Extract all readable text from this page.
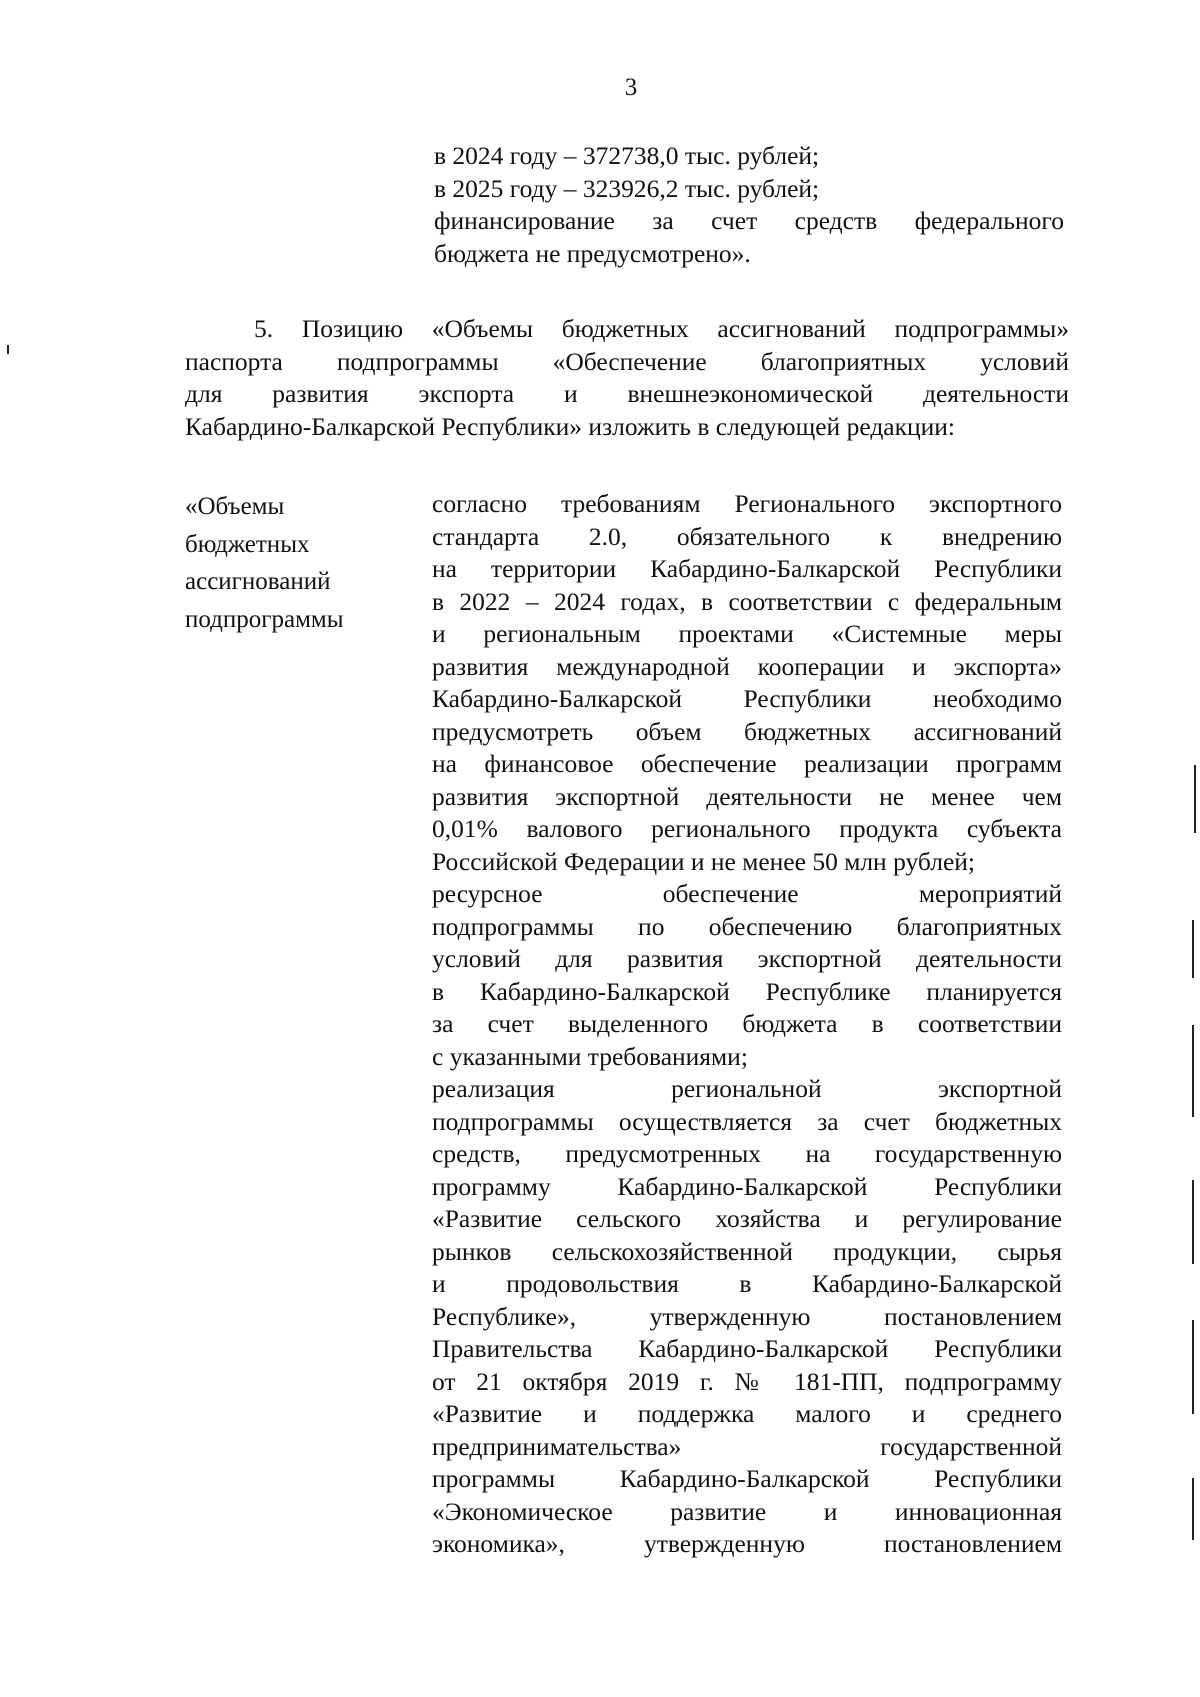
3
в 2024 году – 372738,0 тыс. рублей;
в 2025 году – 323926,2 тыс. рублей;
финансирование за счет средств федерального
бюджета не предусмотрено».
5. Позицию «Объемы бюджетных ассигнований подпрограммы»
паспорта подпрограммы «Обеспечение благоприятных условий
для развития экспорта и внешнеэкономической деятельности
Кабардино-Балкарской Республики» изложить в следующей редакции:
«Объемы
бюджетных
ассигнований
подпрограммы
согласно требованиям Регионального экспортного
стандарта 2.0, обязательного к внедрению
на территории Кабардино-Балкарской Республики
в 2022 – 2024 годах, в соответствии с федеральным
и региональным проектами «Системные меры
развития международной кооперации и экспорта»
Кабардино-Балкарской Республики необходимо
предусмотреть объем бюджетных ассигнований
на финансовое обеспечение реализации программ
развития экспортной деятельности не менее чем
0,01% валового регионального продукта субъекта
Российской Федерации и не менее 50 млн рублей;
ресурсное обеспечение мероприятий
подпрограммы по обеспечению благоприятных
условий для развития экспортной деятельности
в Кабардино-Балкарской Республике планируется
за счет выделенного бюджета в соответствии
с указанными требованиями;
реализация региональной экспортной
подпрограммы осуществляется за счет бюджетных
средств, предусмотренных на государственную
программу Кабардино-Балкарской Республики
«Развитие сельского хозяйства и регулирование
рынков сельскохозяйственной продукции, сырья
и продовольствия в Кабардино-Балкарской
Республике», утвержденную постановлением
Правительства Кабардино-Балкарской Республики
от 21 октября 2019 г. № 181-ПП, подпрограмму
«Развитие и поддержка малого и среднего
предпринимательства» государственной
программы Кабардино-Балкарской Республики
«Экономическое развитие и инновационная
экономика», утвержденную постановлением
